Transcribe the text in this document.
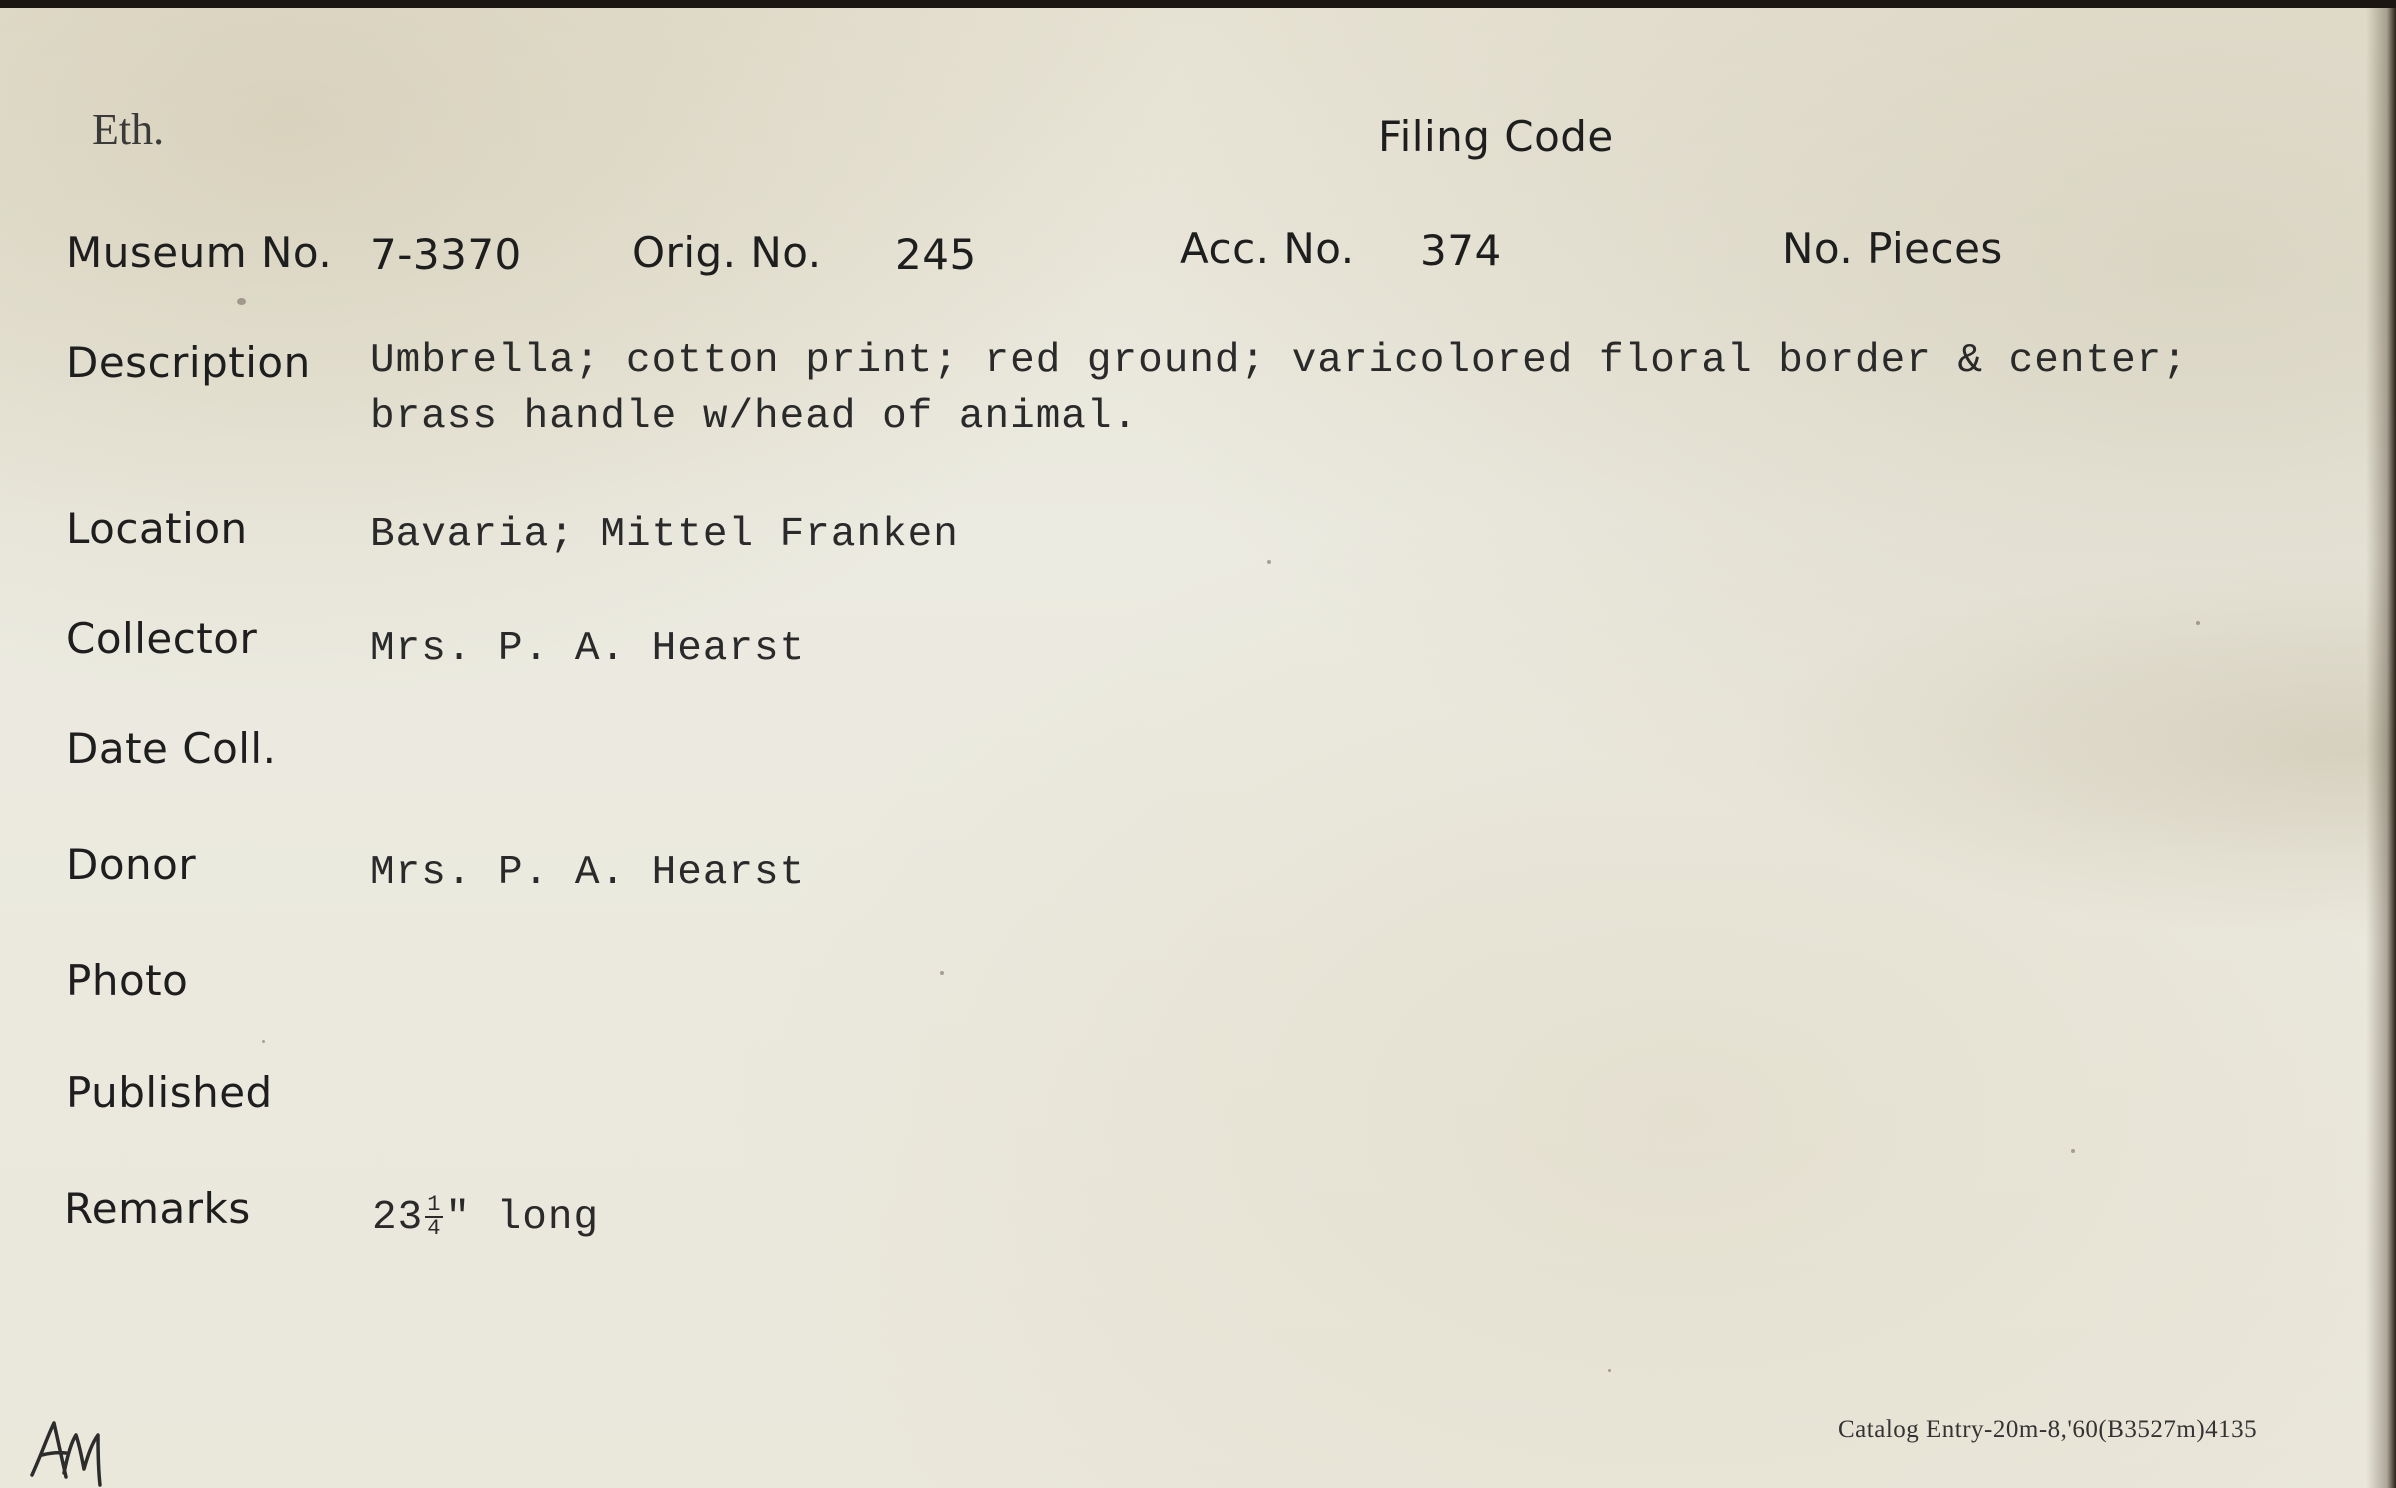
Eth.	Filing Code
Museum No. 7-3370	Orig. No. 245	Acc. No. 374	No. Pieces
Description Umbrella; cotton print; red ground; varicolored floral border & center;
brass handle w/head of animal.
Location	Bavaria; Mittel Franken
Collector	Mrs. P. A. Hearst
Date Coll.
Donor	Mrs. P. A. Hearst
Photo
Published
Remarks	$23 \frac{1}{4}$ " long
Catalog Entry-20m-8,'60(B3527m)4135
